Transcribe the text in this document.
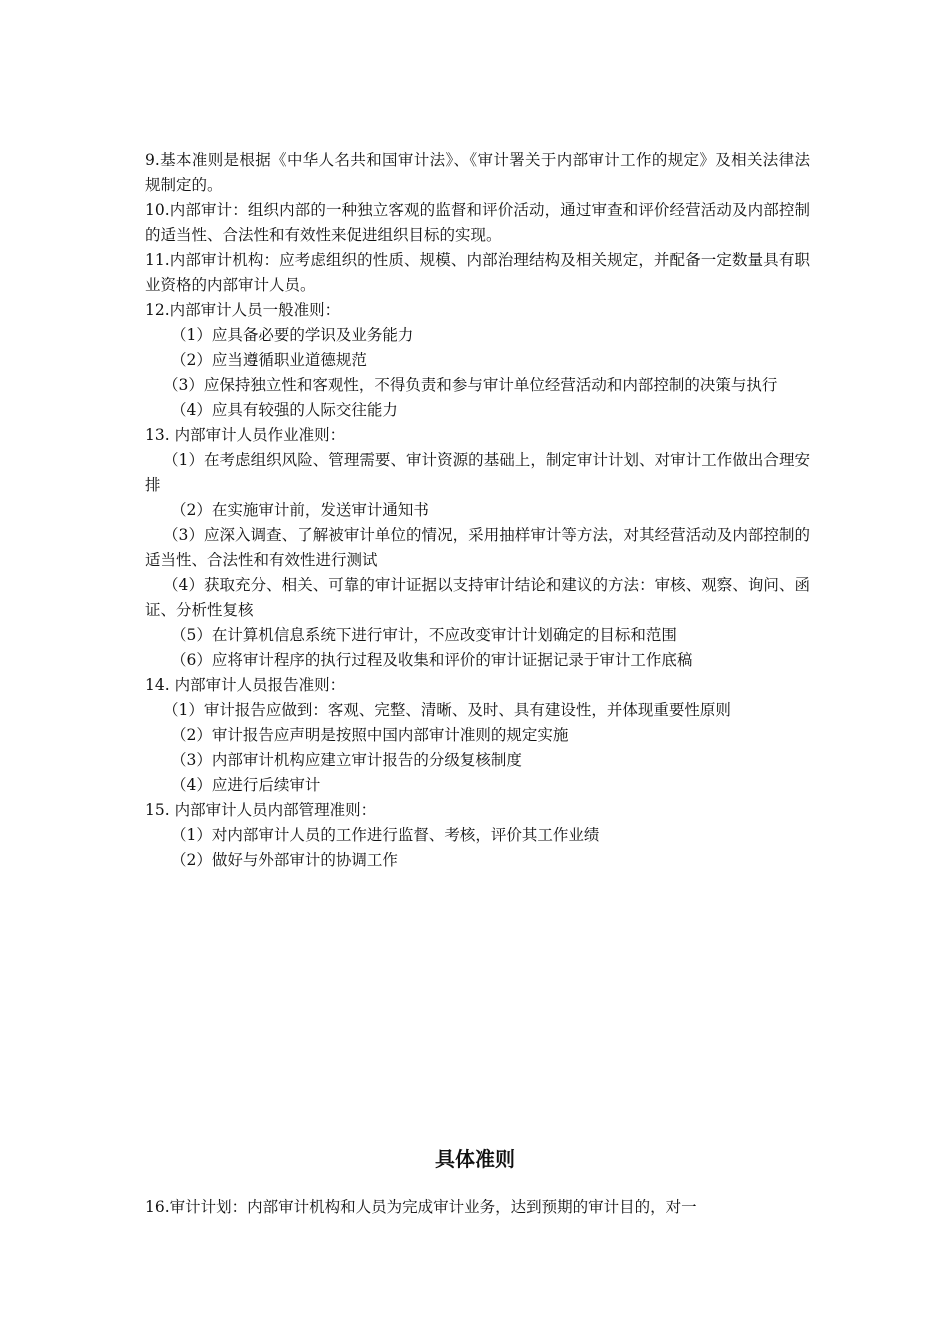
9.基本准则是根据《中华人名共和国审计法》、《审计署关于内部审计工作的规定》及相关法律法规制定的。

10.内部审计：组织内部的一种独立客观的监督和评价活动，通过审查和评价经营活动及内部控制的适当性、合法性和有效性来促进组织目标的实现。

11.内部审计机构：应考虑组织的性质、规模、内部治理结构及相关规定，并配备一定数量具有职业资格的内部审计人员。

12.内部审计人员一般准则：

（1）应具备必要的学识及业务能力

（2）应当遵循职业道德规范

（3）应保持独立性和客观性，不得负责和参与审计单位经营活动和内部控制的决策与执行

（4）应具有较强的人际交往能力

13. 内部审计人员作业准则：

（1）在考虑组织风险、管理需要、审计资源的基础上，制定审计计划、对审计工作做出合理安排

（2）在实施审计前，发送审计通知书

（3）应深入调查、了解被审计单位的情况，采用抽样审计等方法，对其经营活动及内部控制的适当性、合法性和有效性进行测试

（4）获取充分、相关、可靠的审计证据以支持审计结论和建议的方法：审核、观察、询问、函证、分析性复核

（5）在计算机信息系统下进行审计，不应改变审计计划确定的目标和范围

（6）应将审计程序的执行过程及收集和评价的审计证据记录于审计工作底稿

14. 内部审计人员报告准则：

（1）审计报告应做到：客观、完整、清晰、及时、具有建设性，并体现重要性原则

（2）审计报告应声明是按照中国内部审计准则的规定实施

（3）内部审计机构应建立审计报告的分级复核制度

（4）应进行后续审计

15. 内部审计人员内部管理准则：

（1）对内部审计人员的工作进行监督、考核，评价其工作业绩

（2）做好与外部审计的协调工作

具体准则

16.审计计划：内部审计机构和人员为完成审计业务，达到预期的审计目的，对一
